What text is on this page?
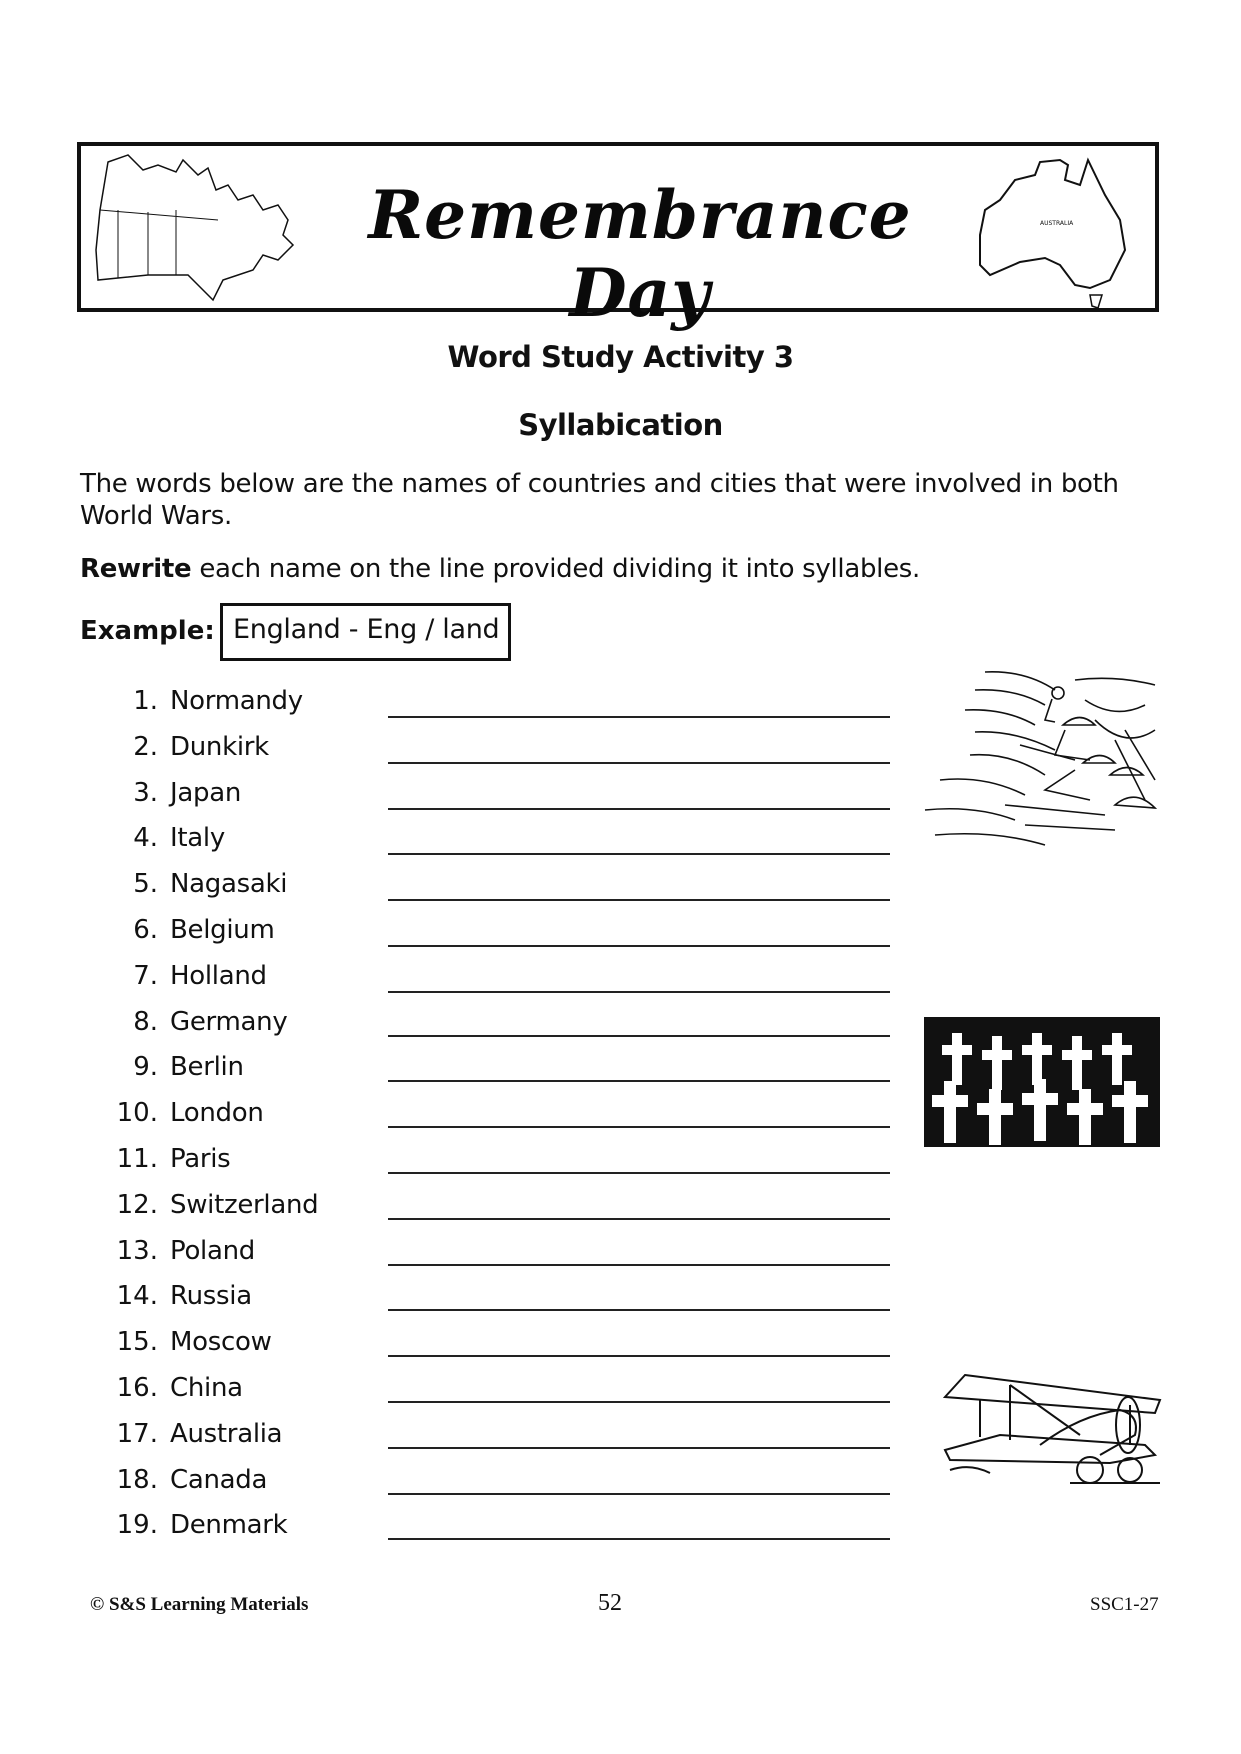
Remembrance Day
AUSTRALIA
Word Study Activity 3
Syllabication
The words below are the names of countries and cities that were involved in both World Wars.
Rewrite each name on the line provided dividing it into syllables.
Example: England - Eng / land
1. Normandy
2. Dunkirk
3. Japan
4. Italy
5. Nagasaki
6. Belgium
7. Holland
8. Germany
9. Berlin
10. London
11. Paris
12. Switzerland
13. Poland
14. Russia
15. Moscow
16. China
17. Australia
18. Canada
19. Denmark
© S&S Learning Materials	52	SSC1-27
